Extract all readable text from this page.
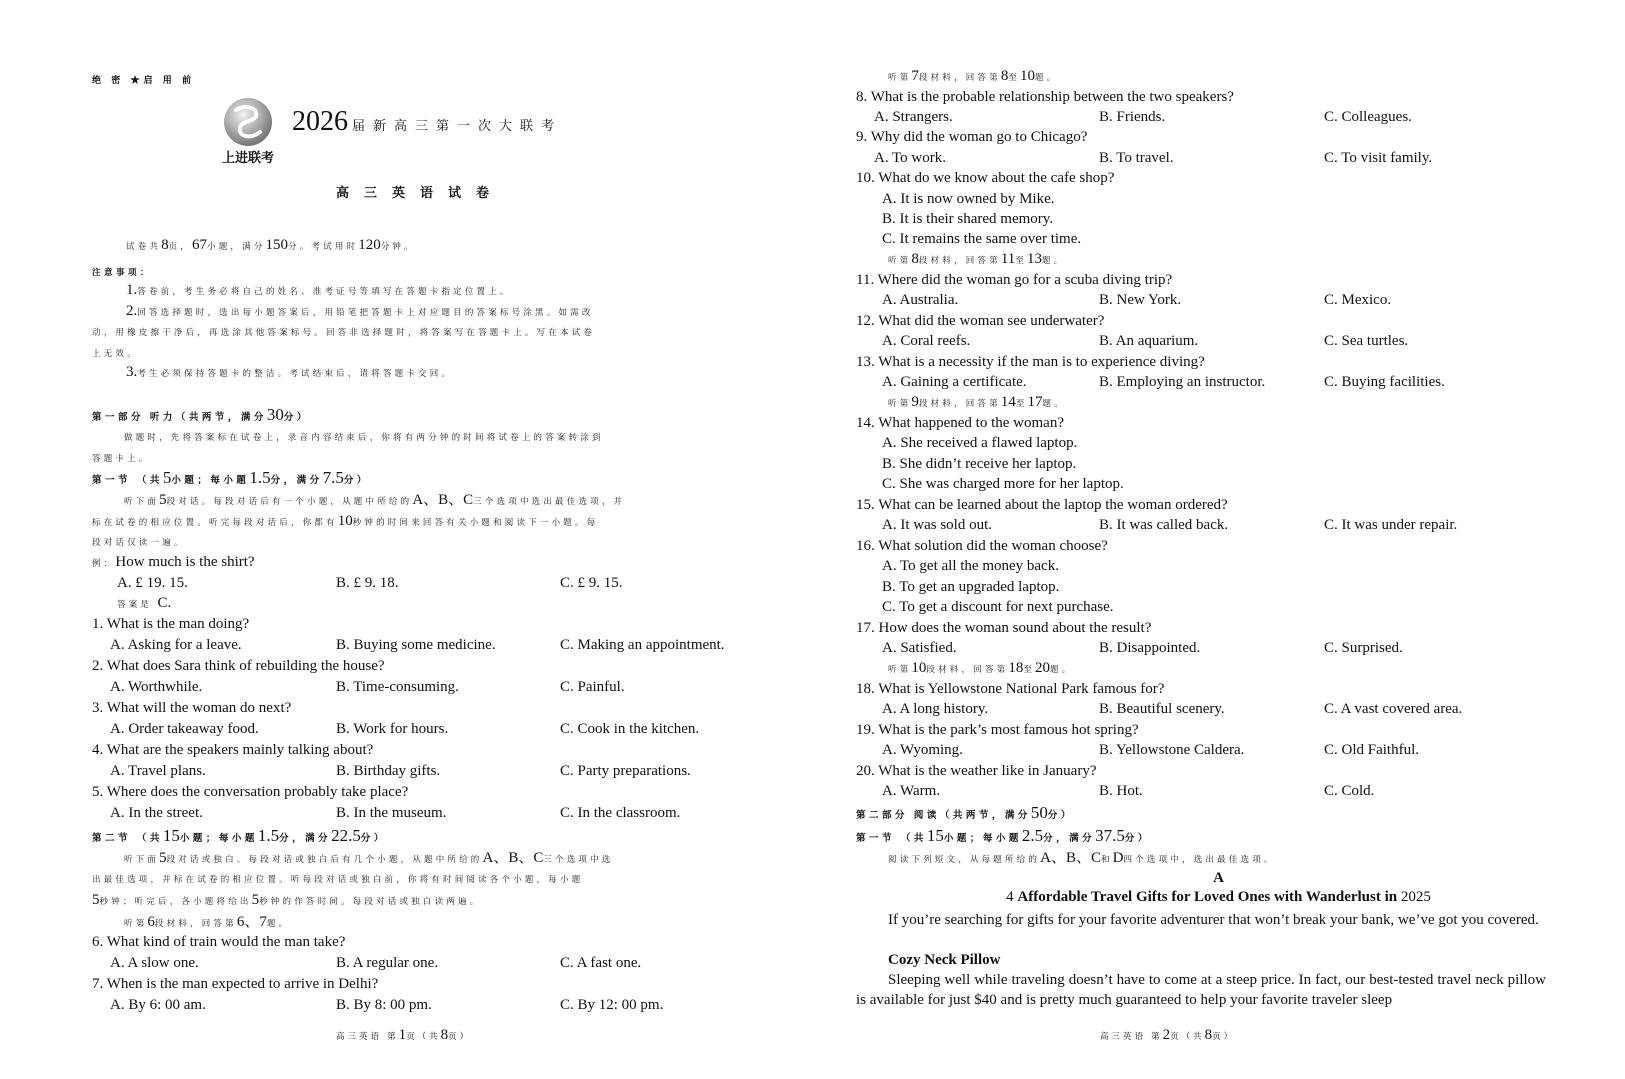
绝 密 ★启 用 前
上进联考
2026 届新高三第一次大联考
高三英语试卷
试卷共8页，67小题，满分150分。考试用时120分钟。
注意事项：
1.答卷前，考生务必将自己的姓名、准考证号等填写在答题卡指定位置上。
2.回答选择题时，选出每小题答案后，用铅笔把答题卡上对应题目的答案标号涂黑。如需改
动，用橡皮擦干净后，再选涂其他答案标号。回答非选择题时，将答案写在答题卡上。写在本试卷
上无效。
3.考生必须保持答题卡的整洁。考试结束后，请将答题卡交回。
第一部分 听力（共两节，满分30分）
做题时，先将答案标在试卷上，录音内容结束后，你将有两分钟的时间将试卷上的答案转涂到
答题卡上。
第一节 （共5小题；每小题1.5分，满分7.5分）
听下面5段对话。每段对话后有一个小题，从题中所给的A、B、C三个选项中选出最佳选项，并
标在试卷的相应位置。听完每段对话后，你都有10秒钟的时间来回答有关小题和阅读下一小题。每
段对话仅读一遍。
例：How much is the shirt?
A. £ 19. 15.	B. £ 9. 18.	C. £ 9. 15.
答案是 C.
1. What is the man doing?
A. Asking for a leave.	B. Buying some medicine.	C. Making an appointment.
2. What does Sara think of rebuilding the house?
A. Worthwhile.	B. Time-consuming.	C. Painful.
3. What will the woman do next?
A. Order takeaway food.	B. Work for hours.	C. Cook in the kitchen.
4. What are the speakers mainly talking about?
A. Travel plans.	B. Birthday gifts.	C. Party preparations.
5. Where does the conversation probably take place?
A. In the street.	B. In the museum.	C. In the classroom.
第二节 （共15小题；每小题1.5分，满分22.5分）
听下面5段对话或独白。每段对话或独白后有几个小题，从题中所给的A、B、C三个选项中选
出最佳选项，并标在试卷的相应位置。听每段对话或独白前，你将有时间阅读各个小题，每小题
5秒钟；听完后，各小题将给出5秒钟的作答时间。每段对话或独白读两遍。
听第6段材料，回答第6、7题。
6. What kind of train would the man take?
A. A slow one.	B. A regular one.	C. A fast one.
7. When is the man expected to arrive in Delhi?
A. By 6: 00 am.	B. By 8: 00 pm.	C. By 12: 00 pm.
高三英语 第1页（共8页）
听第7段材料，回答第8至10题。
8. What is the probable relationship between the two speakers?
A. Strangers.	B. Friends.	C. Colleagues.
9. Why did the woman go to Chicago?
A. To work.	B. To travel.	C. To visit family.
10. What do we know about the cafe shop?
A. It is now owned by Mike.
B. It is their shared memory.
C. It remains the same over time.
听第8段材料，回答第11至13题。
11. Where did the woman go for a scuba diving trip?
A. Australia.	B. New York.	C. Mexico.
12. What did the woman see underwater?
A. Coral reefs.	B. An aquarium.	C. Sea turtles.
13. What is a necessity if the man is to experience diving?
A. Gaining a certificate.	B. Employing an instructor.	C. Buying facilities.
听第9段材料，回答第14至17题。
14. What happened to the woman?
A. She received a flawed laptop.
B. She didn’t receive her laptop.
C. She was charged more for her laptop.
15. What can be learned about the laptop the woman ordered?
A. It was sold out.	B. It was called back.	C. It was under repair.
16. What solution did the woman choose?
A. To get all the money back.
B. To get an upgraded laptop.
C. To get a discount for next purchase.
17. How does the woman sound about the result?
A. Satisfied.	B. Disappointed.	C. Surprised.
听第10段材料，回答第18至20题。
18. What is Yellowstone National Park famous for?
A. A long history.	B. Beautiful scenery.	C. A vast covered area.
19. What is the park’s most famous hot spring?
A. Wyoming.	B. Yellowstone Caldera.	C. Old Faithful.
20. What is the weather like in January?
A. Warm.	B. Hot.	C. Cold.
第二部分 阅读（共两节，满分50分）
第一节 （共15小题；每小题2.5分，满分37.5分）
阅读下列短文，从每题所给的A、B、C和D四个选项中，选出最佳选项。
A
4 Affordable Travel Gifts for Loved Ones with Wanderlust in 2025
If you’re searching for gifts for your favorite adventurer that won’t break your bank, we’ve got you covered.
Cozy Neck Pillow
Sleeping well while traveling doesn’t have to come at a steep price. In fact, our best-tested travel neck pillow is available for just $40 and is pretty much guaranteed to help your favorite traveler sleep
高三英语 第2页（共8页）
